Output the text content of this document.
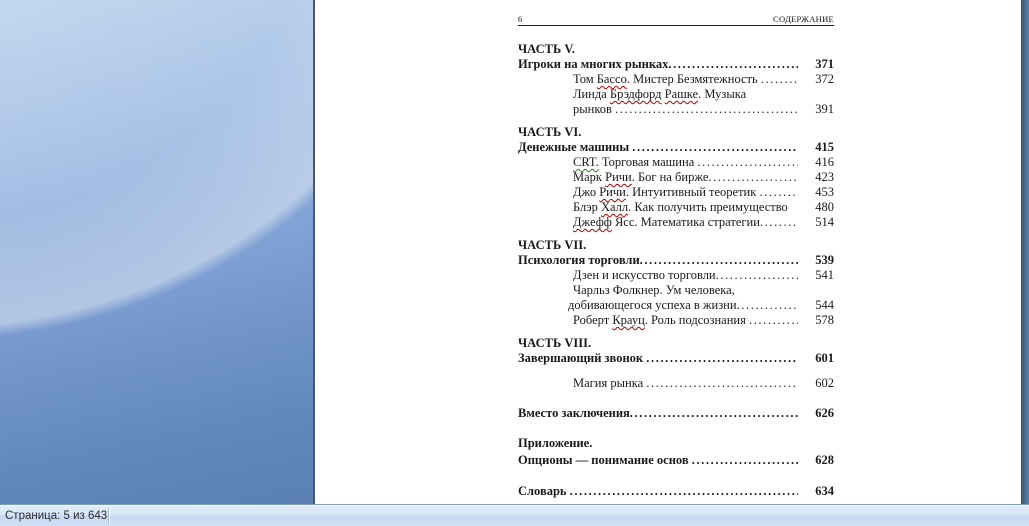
6	СОДЕРЖАНИЕ
ЧАСТЬ V.
Игроки на многих рынках .....	371
Том Бассо. Мистер Безмятежность .....	372
Линда Брэдфорд Рашке. Музыка
рынков .....	391
ЧАСТЬ VI.
Денежные машины .....	415
CRT. Торговая машина .....	416
Марк Ричи. Бог на бирже .....	423
Джо Ричи. Интуитивный теоретик .....	453
Блэр Халл. Как получить преимущество	480
Джефф Ясс. Математика стратегии .....	514
ЧАСТЬ VII.
Психология торговли .....	539
Дзен и искусство торговли .....	541
Чарльз Фолкнер. Ум человека,
добивающегося успеха в жизни .....	544
Роберт Крауц. Роль подсознания .....	578
ЧАСТЬ VIII.
Завершающий звонок .....	601
Магия рынка .....	602
Вместо заключения .....	626
Приложение.
Опционы — понимание основ .....	628
Словарь .....	634
Страница: 5 из 643
